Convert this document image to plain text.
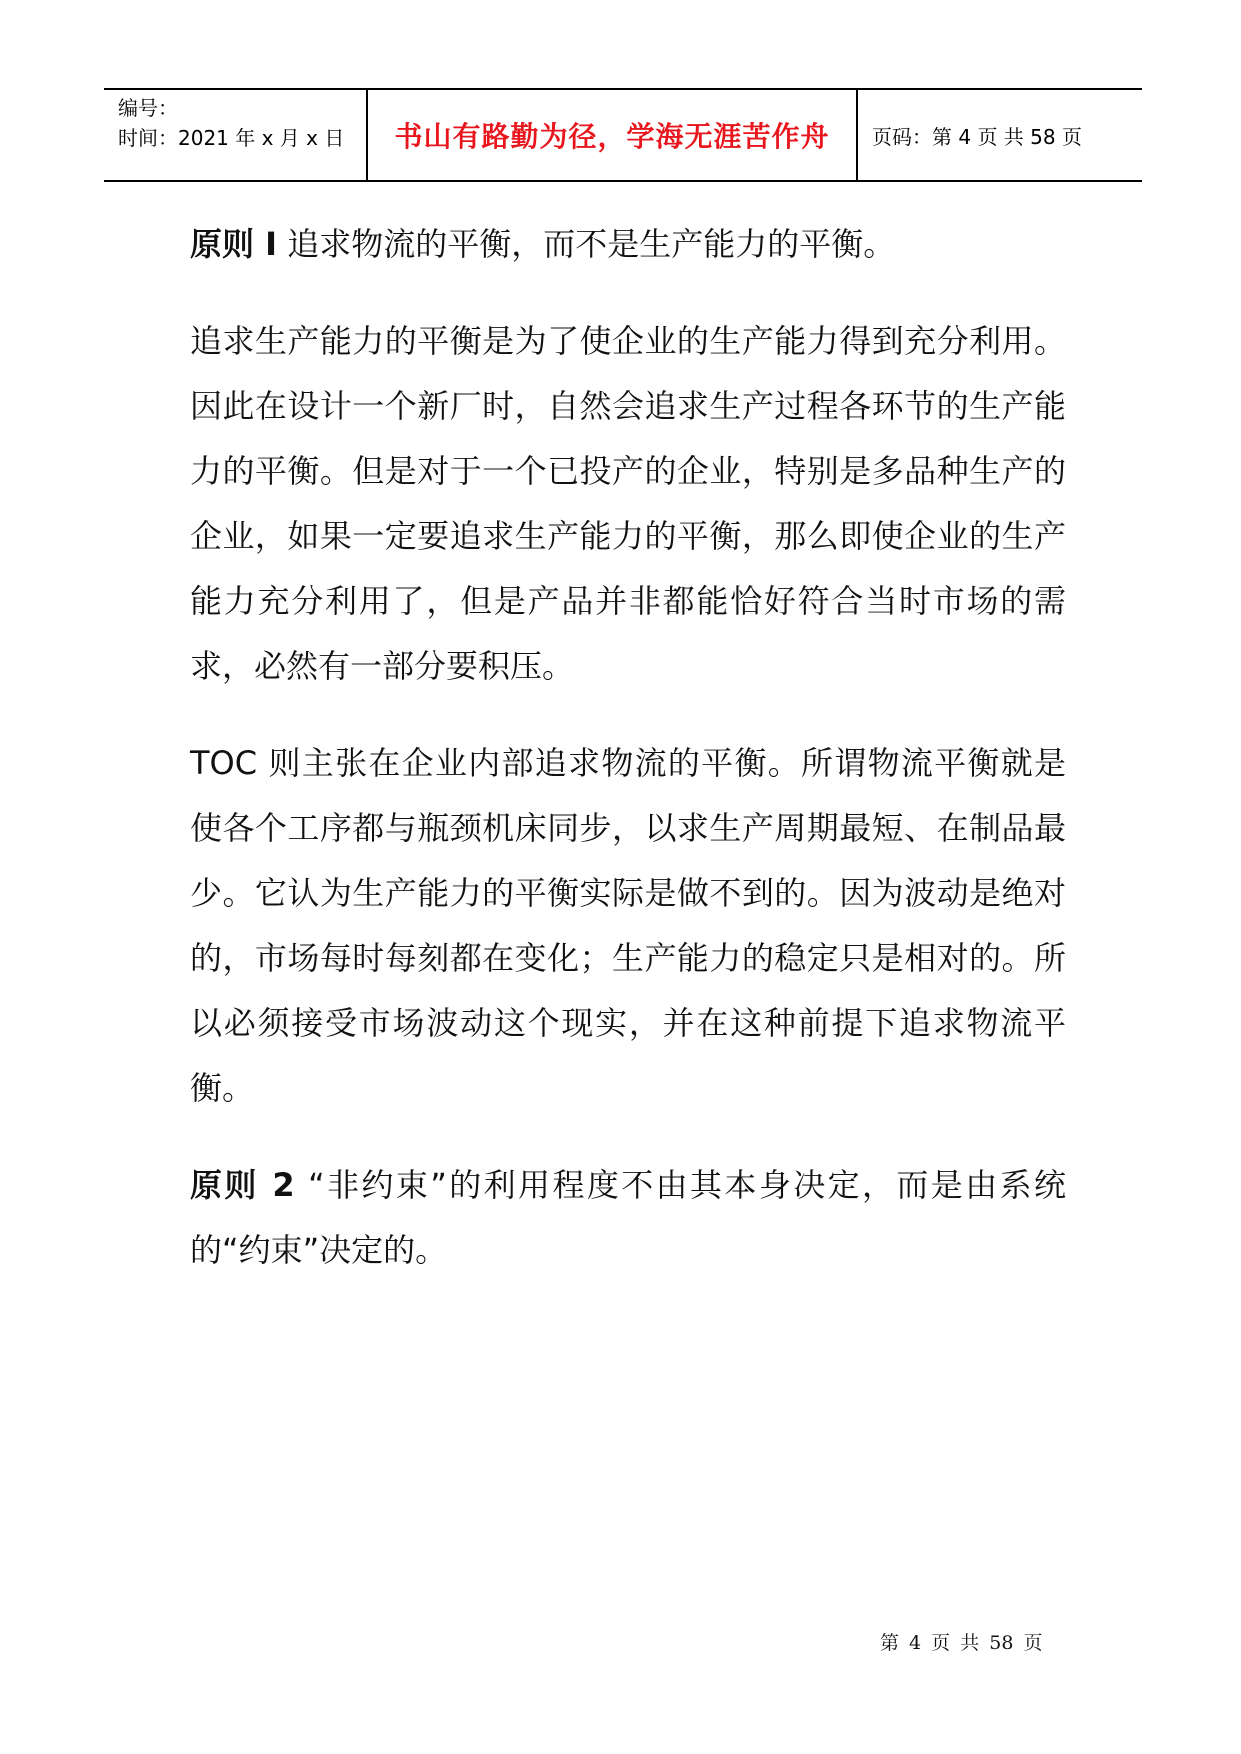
编号：
时间：2021 年 x 月 x 日	书山有路勤为径，学海无涯苦作舟	页码：第 4 页 共 58 页

原则 I 追求物流的平衡，而不是生产能力的平衡。

追求生产能力的平衡是为了使企业的生产能力得到充分利用。因此在设计一个新厂时，自然会追求生产过程各环节的生产能力的平衡。但是对于一个已投产的企业，特别是多品种生产的企业，如果一定要追求生产能力的平衡，那么即使企业的生产能力充分利用了，但是产品并非都能恰好符合当时市场的需求，必然有一部分要积压。

TOC 则主张在企业内部追求物流的平衡。所谓物流平衡就是使各个工序都与瓶颈机床同步，以求生产周期最短、在制品最少。它认为生产能力的平衡实际是做不到的。因为波动是绝对的，市场每时每刻都在变化；生产能力的稳定只是相对的。所以必须接受市场波动这个现实，并在这种前提下追求物流平衡。

原则 2 “非约束”的利用程度不由其本身决定，而是由系统的“约束”决定的。

第 4 页 共 58 页
